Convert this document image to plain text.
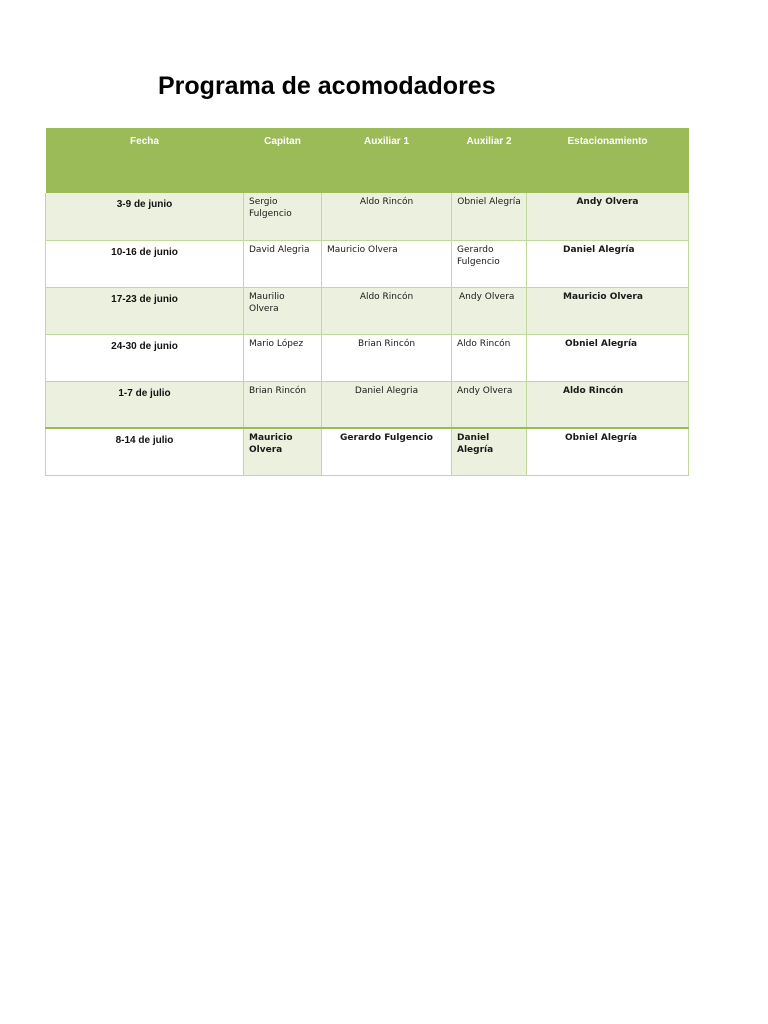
Programa de acomodadores
Fecha	Capitan	Auxiliar 1	Auxiliar 2	Estacionamiento
3-9 de junio	Sergio Fulgencio	Aldo Rincón	Obniel Alegría	Andy Olvera
10-16 de junio	David Alegria	Mauricio Olvera	Gerardo Fulgencio	Daniel Alegría
17-23 de junio	Maurilio Olvera	Aldo Rincón	Andy Olvera	Mauricio Olvera
24-30 de junio	Mario López	Brian Rincón	Aldo Rincón	Obniel Alegría
1-7 de julio	Brian Rincón	Daniel Alegria	Andy Olvera	Aldo Rincón
8-14 de julio	Mauricio Olvera	Gerardo Fulgencio	Daniel Alegría	Obniel Alegría
